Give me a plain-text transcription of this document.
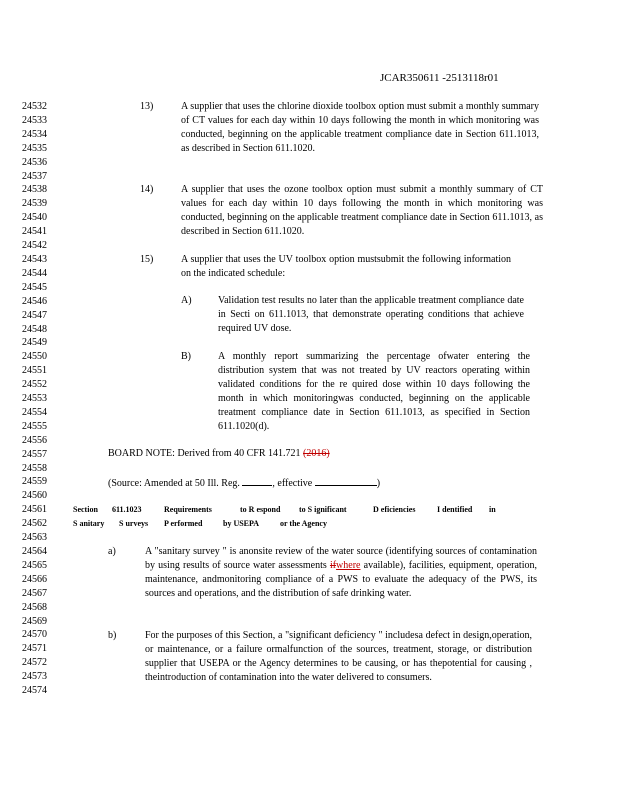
JCAR350611 -2513118r01
24532
24533
24534
24535
24536
24537
24538
24539
24540
24541
24542
24543
24544
24545
24546
24547
24548
24549
24550
24551
24552
24553
24554
24555
24556
24557
24558
24559
24560
24561
24562
24563
24564
24565
24566
24567
24568
24569
24570
24571
24572
24573
24574
13)	A supplier that uses the chlorine dioxide toolbox option must submit a monthly summary of CT values for each day within 10 days following the month in which monitoring was conducted, beginning on the applicable treatment compliance date in Section 611.1013, as described in Section 611.1020.
14)	A supplier that uses the ozone toolbox option must submit a monthly summary of CT values for each day within 10 days following the month in which monitoring was conducted, beginning on the applicable treatment compliance date in Section 611.1013, as described in Section 611.1020.
15)	A supplier that uses the UV toolbox option mustsubmit the following information on the indicated schedule:
A)	Validation test results no later than the applicable treatment compliance date in Secti on 611.1013, that demonstrate operating conditions that achieve required UV dose.
B)	A monthly report summarizing the percentage ofwater entering the distribution system that was not treated by UV reactors operating within validated conditions for the re quired dose within 10 days following the month in which monitoringwas conducted, beginning on the applicable treatment compliance date in Section 611.1013, as specified in Section 611.1020(d).
BOARD NOTE: Derived from 40 CFR 141.721 (2016)
(Source: Amended at 50 Ill. Reg.	, effective	)
Section 611.1023	Requirements	to R espond to S ignificant	D eficiencies	I dentified in
S anitary S urveys P erformed	by USEPA	or the Agency
a)	A "sanitary survey " is anonsite review of the water source (identifying sources of contamination by using results of source water assessments ifwhere available), facilities, equipment, operation, maintenance, andmonitoring compliance of a PWS to evaluate the adequacy of the PWS, its sources and operations, and the distribution of safe drinking water.
b)	For the purposes of this Section, a "significant deficiency " includesa defect in design,operation, or maintenance, or a failure ormalfunction of the sources, treatment, storage, or distribution supplier that USEPA or the Agency determines to be causing, or has thepotential for causing , theintroduction of contamination into the water delivered to consumers.
